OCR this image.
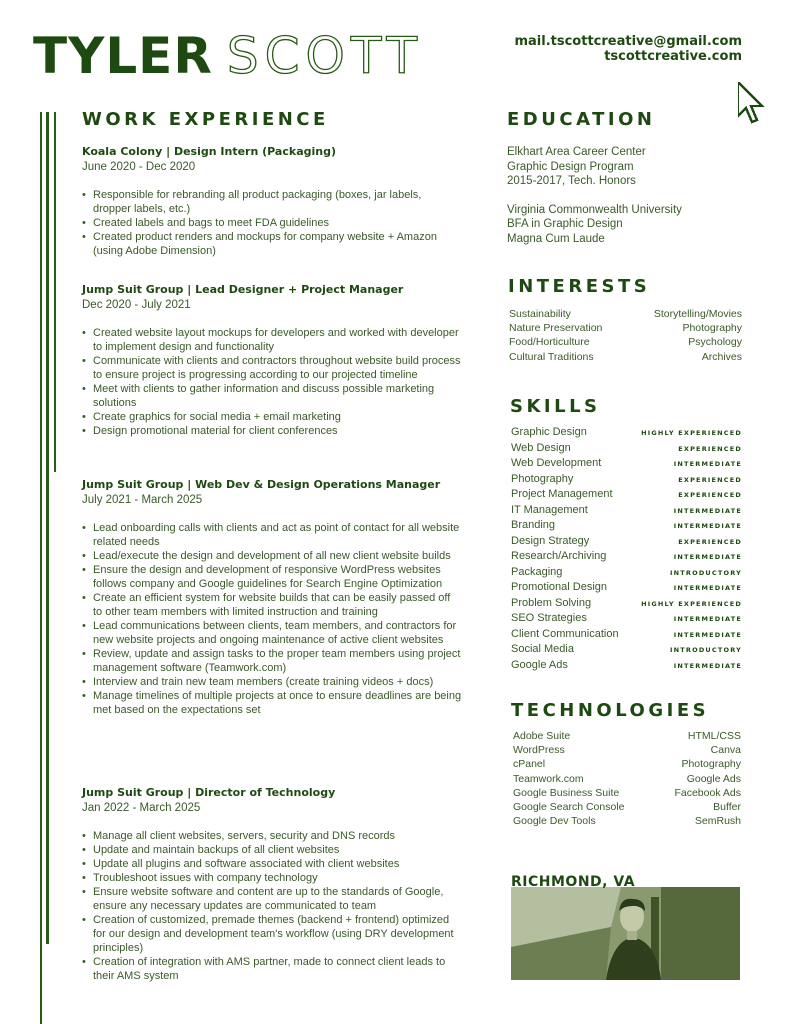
TYLER SCOTT	mail.tscottcreative@gmail.com
tscottcreative.com
WORK EXPERIENCE
Koala Colony | Design Intern (Packaging)
June 2020 - Dec 2020
• Responsible for rebranding all product packaging (boxes, jar labels, dropper labels, etc.)
• Created labels and bags to meet FDA guidelines
• Created product renders and mockups for company website + Amazon (using Adobe Dimension)
Jump Suit Group | Lead Designer + Project Manager
Dec 2020 - July 2021
• Created website layout mockups for developers and worked with developer to implement design and functionality
• Communicate with clients and contractors throughout website build process to ensure project is progressing according to our projected timeline
• Meet with clients to gather information and discuss possible marketing solutions
• Create graphics for social media + email marketing
• Design promotional material for client conferences
Jump Suit Group | Web Dev & Design Operations Manager
July 2021 - March 2025
• Lead onboarding calls with clients and act as point of contact for all website related needs
• Lead/execute the design and development of all new client website builds
• Ensure the design and development of responsive WordPress websites follows company and Google guidelines for Search Engine Optimization
• Create an efficient system for website builds that can be easily passed off to other team members with limited instruction and training
• Lead communications between clients, team members, and contractors for new website projects and ongoing maintenance of active client websites
• Review, update and assign tasks to the proper team members using project management software (Teamwork.com)
• Interview and train new team members (create training videos + docs)
• Manage timelines of multiple projects at once to ensure deadlines are being met based on the expectations set
Jump Suit Group | Director of Technology
Jan 2022 - March 2025
• Manage all client websites, servers, security and DNS records
• Update and maintain backups of all client websites
• Update all plugins and software associated with client websites
• Troubleshoot issues with company technology
• Ensure website software and content are up to the standards of Google, ensure any necessary updates are communicated to team
• Creation of customized, premade themes (backend + frontend) optimized for our design and development team's workflow (using DRY development principles)
• Creation of integration with AMS partner, made to connect client leads to their AMS system
EDUCATION
Elkhart Area Career Center
Graphic Design Program
2015-2017, Tech. Honors
Virginia Commonwealth University
BFA in Graphic Design
Magna Cum Laude
INTERESTS
Sustainability	Storytelling/Movies
Nature Preservation	Photography
Food/Horticulture	Psychology
Cultural Traditions	Archives
SKILLS
Graphic Design	HIGHLY EXPERIENCED
Web Design	EXPERIENCED
Web Development	INTERMEDIATE
Photography	EXPERIENCED
Project Management	EXPERIENCED
IT Management	INTERMEDIATE
Branding	INTERMEDIATE
Design Strategy	EXPERIENCED
Research/Archiving	INTERMEDIATE
Packaging	INTRODUCTORY
Promotional Design	INTERMEDIATE
Problem Solving	HIGHLY EXPERIENCED
SEO Strategies	INTERMEDIATE
Client Communication	INTERMEDIATE
Social Media	INTRODUCTORY
Google Ads	INTERMEDIATE
TECHNOLOGIES
Adobe Suite	HTML/CSS
WordPress	Canva
cPanel	Photography
Teamwork.com	Google Ads
Google Business Suite	Facebook Ads
Google Search Console	Buffer
Google Dev Tools	SemRush
RICHMOND, VA
